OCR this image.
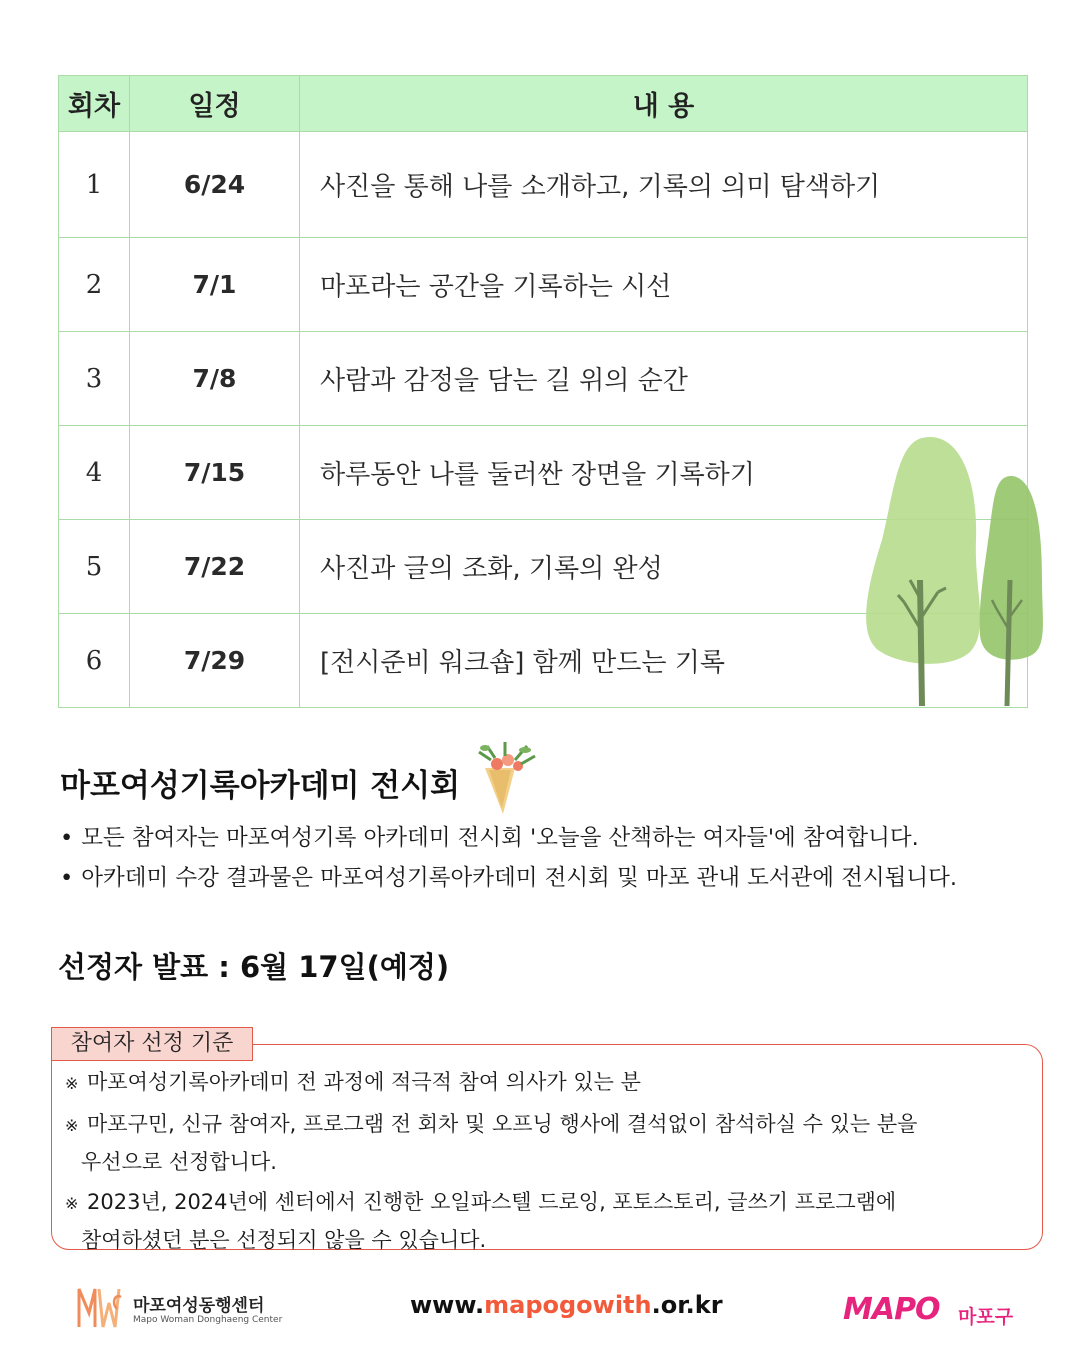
회차	일정	내 용
1	6/24	사진을 통해 나를 소개하고, 기록의 의미 탐색하기
2	7/1	마포라는 공간을 기록하는 시선
3	7/8	사람과 감정을 담는 길 위의 순간
4	7/15	하루동안 나를 둘러싼 장면을 기록하기
5	7/22	사진과 글의 조화, 기록의 완성
6	7/29	[전시준비 워크숍] 함께 만드는 기록
마포여성기록아카데미 전시회
• 모든 참여자는 마포여성기록 아카데미 전시회 '오늘을 산책하는 여자들'에 참여합니다.
• 아카데미 수강 결과물은 마포여성기록아카데미 전시회 및 마포 관내 도서관에 전시됩니다.
선정자 발표 : 6월 17일(예정)
참여자 선정 기준
※ 마포여성기록아카데미 전 과정에 적극적 참여 의사가 있는 분
※ 마포구민, 신규 참여자, 프로그램 전 회차 및 오프닝 행사에 결석없이 참석하실 수 있는 분을
우선으로 선정합니다.
※ 2023년, 2024년에 센터에서 진행한 오일파스텔 드로잉, 포토스토리, 글쓰기 프로그램에
참여하셨던 분은 선정되지 않을 수 있습니다.
마포여성동행센터
Mapo Woman Donghaeng Center
www.mapogowith.or.kr	MAPO 마포구
